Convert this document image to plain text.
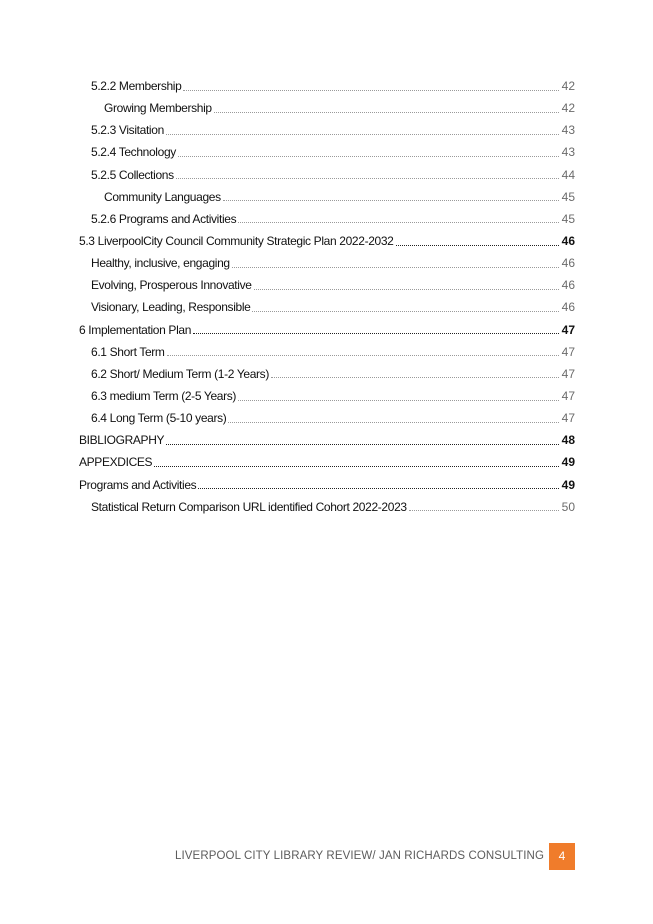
5.2.2 Membership	42
Growing Membership	42
5.2.3 Visitation	43
5.2.4 Technology	43
5.2.5 Collections	44
Community Languages	45
5.2.6 Programs and Activities	45
5.3 LiverpoolCity Council Community Strategic Plan 2022-2032	46
Healthy, inclusive, engaging	46
Evolving, Prosperous Innovative	46
Visionary, Leading, Responsible	46
6 Implementation Plan	47
6.1 Short Term	47
6.2 Short/ Medium Term (1-2 Years)	47
6.3 medium Term (2-5 Years)	47
6.4 Long Term (5-10 years)	47
BIBLIOGRAPHY	48
APPEXDICES	49
Programs and Activities	49
Statistical Return Comparison URL identified Cohort 2022-2023	50
LIVERPOOL CITY LIBRARY REVIEW/ JAN RICHARDS CONSULTING	4
